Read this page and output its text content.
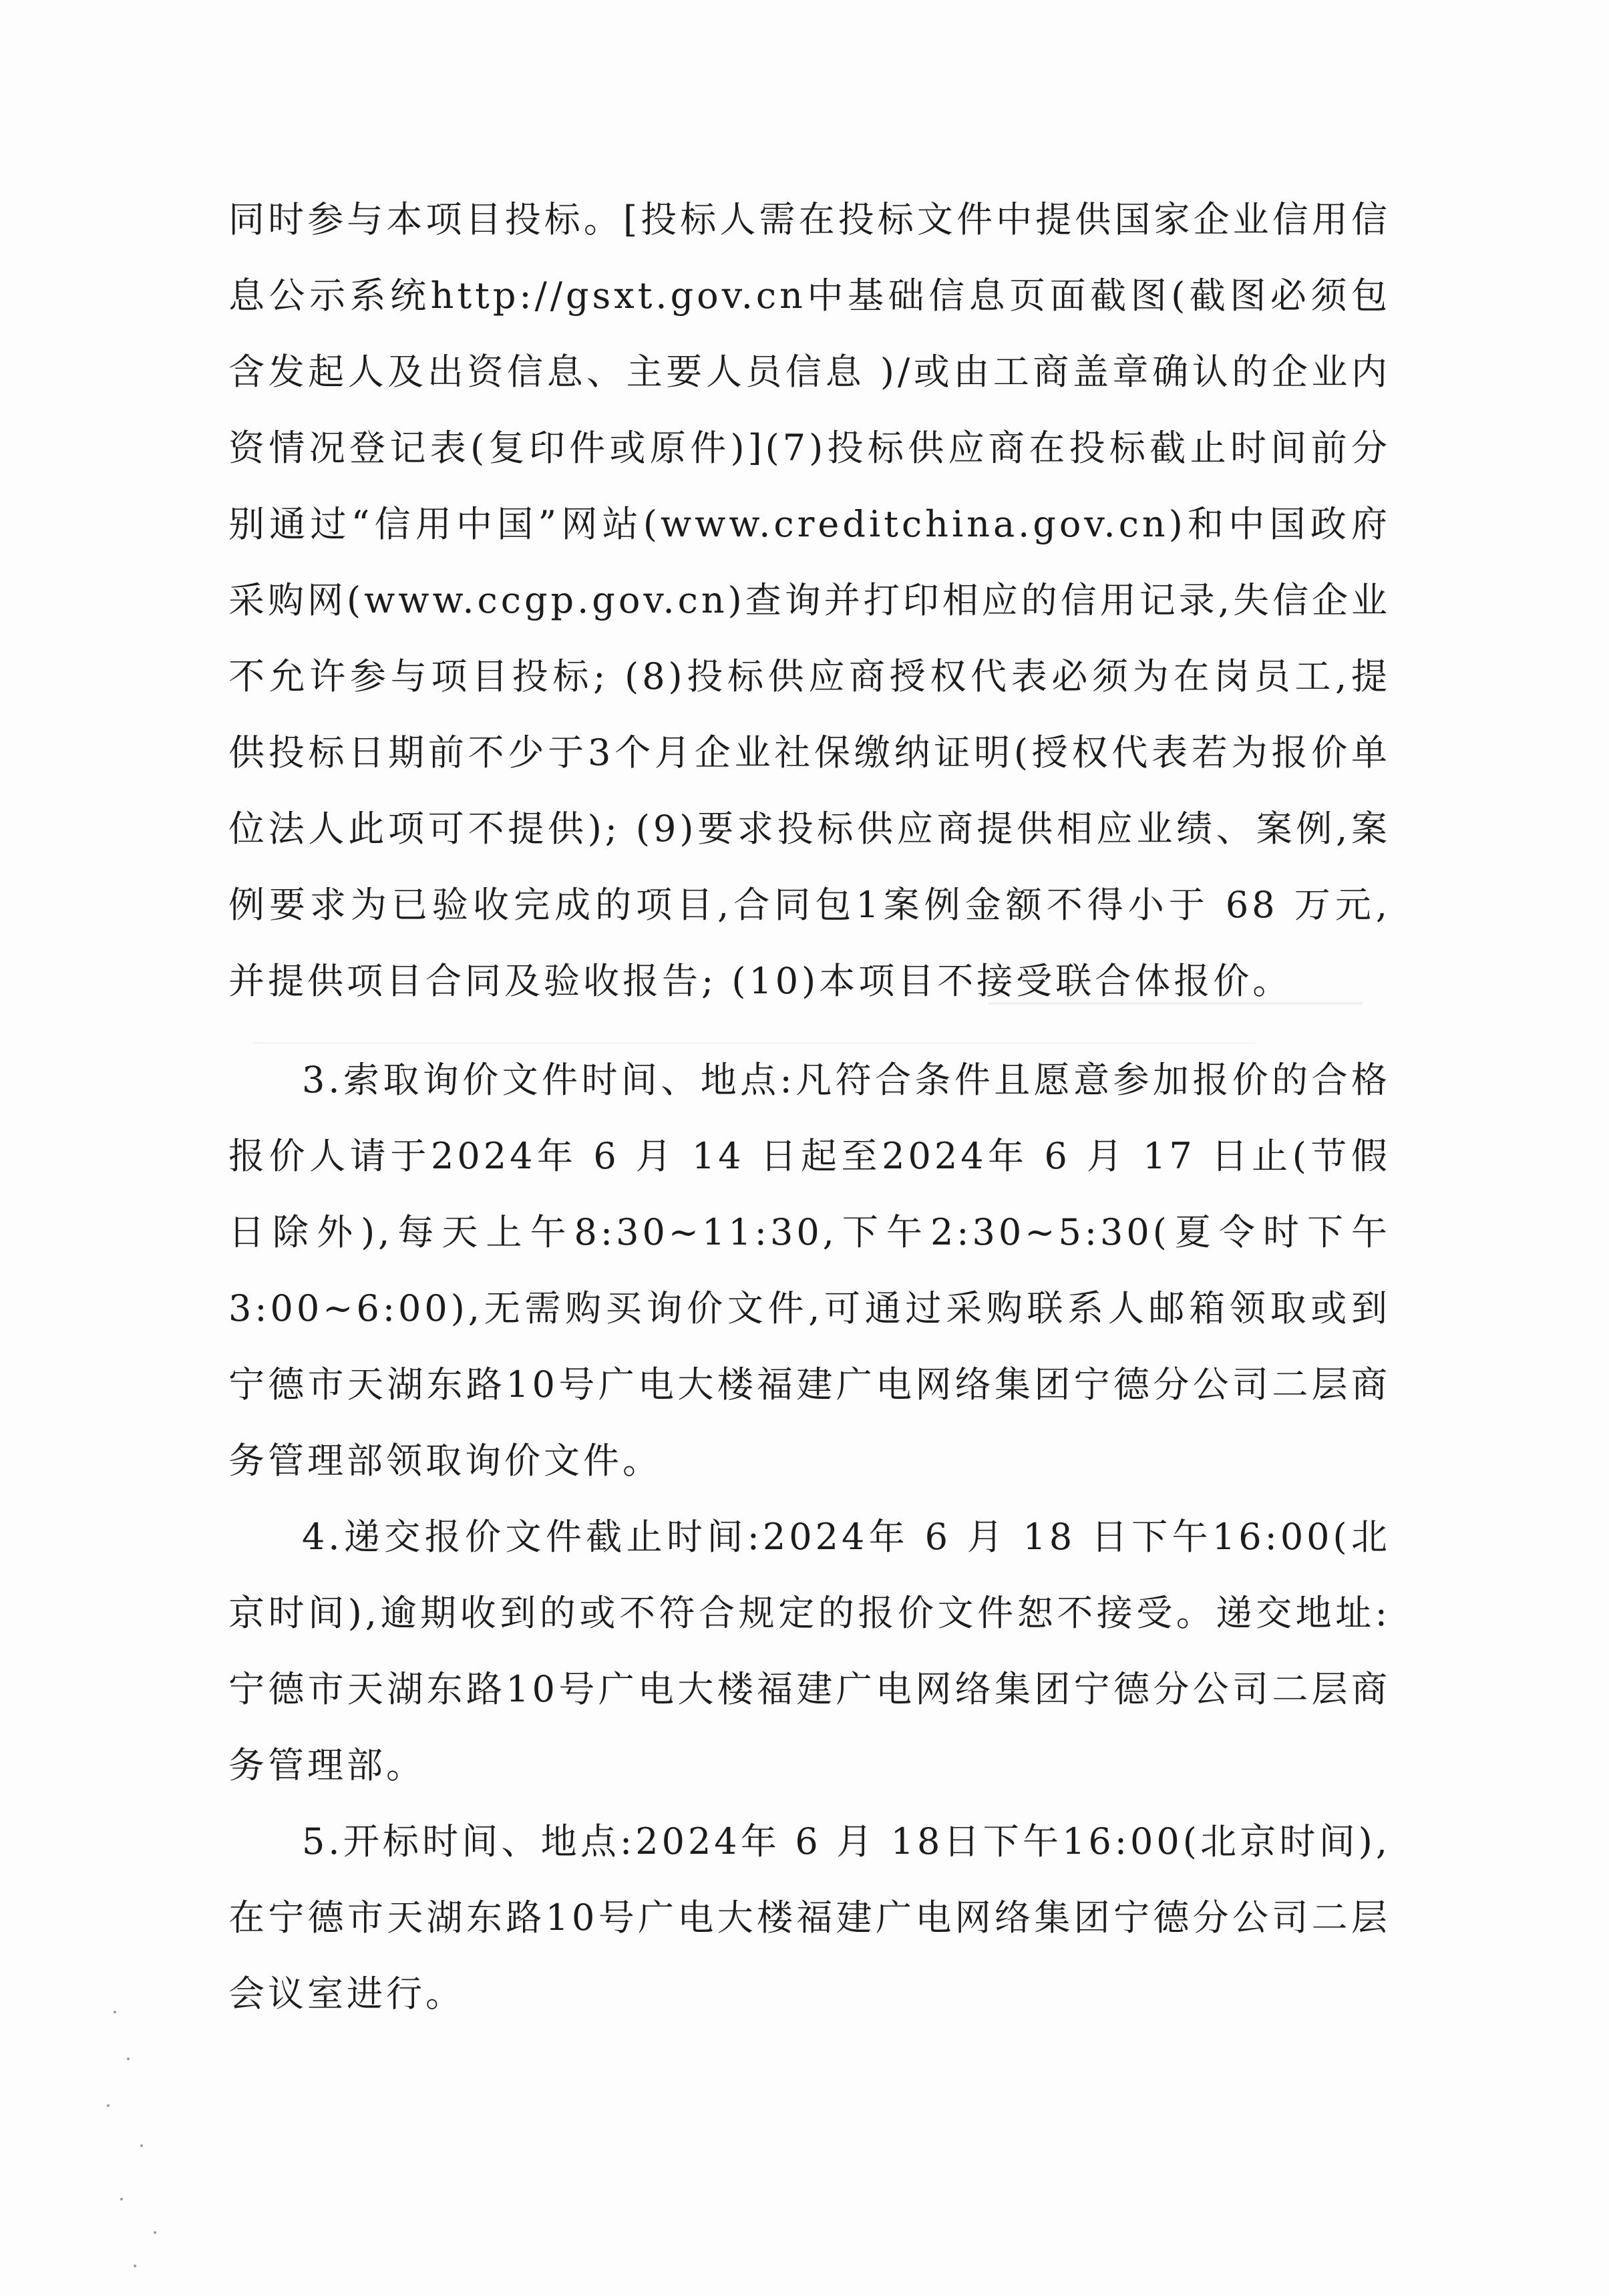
同时参与本项目投标。[投标人需在投标文件中提供国家企业信用信息公示系统http://gsxt.gov.cn中基础信息页面截图(截图必须包含发起人及出资信息、主要人员信息 )/或由工商盖章确认的企业内资情况登记表(复印件或原件)](7)投标供应商在投标截止时间前分别通过“信用中国”网站(www.creditchina.gov.cn)和中国政府采购网(www.ccgp.gov.cn)查询并打印相应的信用记录,失信企业不允许参与项目投标; (8)投标供应商授权代表必须为在岗员工,提供投标日期前不少于3个月企业社保缴纳证明(授权代表若为报价单位法人此项可不提供); (9)要求投标供应商提供相应业绩、案例,案例要求为已验收完成的项目,合同包1案例金额不得小于 68 万元,并提供项目合同及验收报告; (10)本项目不接受联合体报价。

3.索取询价文件时间、地点:凡符合条件且愿意参加报价的合格报价人请于2024年 6 月 14 日起至2024年 6 月 17 日止(节假日除外),每天上午8:30~11:30,下午2:30~5:30(夏令时下午3:00~6:00),无需购买询价文件,可通过采购联系人邮箱领取或到宁德市天湖东路10号广电大楼福建广电网络集团宁德分公司二层商务管理部领取询价文件。

4.递交报价文件截止时间:2024年 6 月 18 日下午16:00(北京时间),逾期收到的或不符合规定的报价文件恕不接受。递交地址:宁德市天湖东路10号广电大楼福建广电网络集团宁德分公司二层商务管理部。

5.开标时间、地点:2024年 6 月 18日下午16:00(北京时间),在宁德市天湖东路10号广电大楼福建广电网络集团宁德分公司二层会议室进行。
